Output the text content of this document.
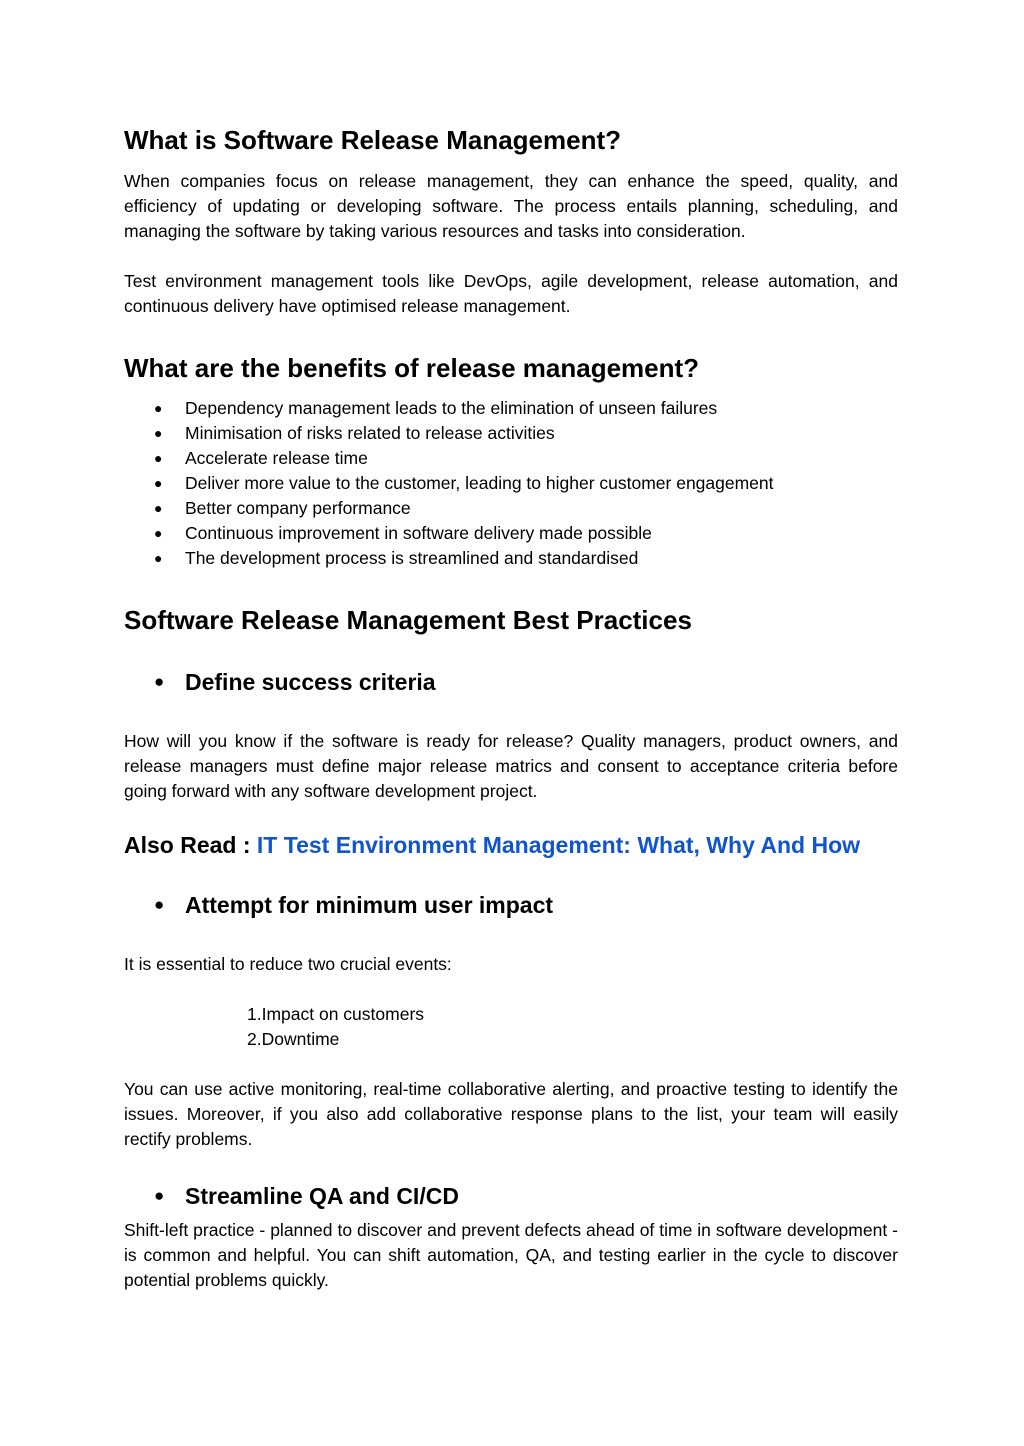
What is Software Release Management?

When companies focus on release management, they can enhance the speed, quality, and efficiency of updating or developing software. The process entails planning, scheduling, and managing the software by taking various resources and tasks into consideration.

Test environment management tools like DevOps, agile development, release automation, and continuous delivery have optimised release management.

What are the benefits of release management?
● Dependency management leads to the elimination of unseen failures
● Minimisation of risks related to release activities
● Accelerate release time
● Deliver more value to the customer, leading to higher customer engagement
● Better company performance
● Continuous improvement in software delivery made possible
● The development process is streamlined and standardised
Software Release Management Best Practices
● Define success criteria

How will you know if the software is ready for release? Quality managers, product owners, and release managers must define major release matrics and consent to acceptance criteria before going forward with any software development project.

Also Read : IT Test Environment Management: What, Why And How
● Attempt for minimum user impact

It is essential to reduce two crucial events:

1.Impact on customers
2.Downtime

You can use active monitoring, real-time collaborative alerting, and proactive testing to identify the issues. Moreover, if you also add collaborative response plans to the list, your team will easily rectify problems.

● Streamline QA and CI/CD

Shift-left practice - planned to discover and prevent defects ahead of time in software development - is common and helpful. You can shift automation, QA, and testing earlier in the cycle to discover potential problems quickly.
